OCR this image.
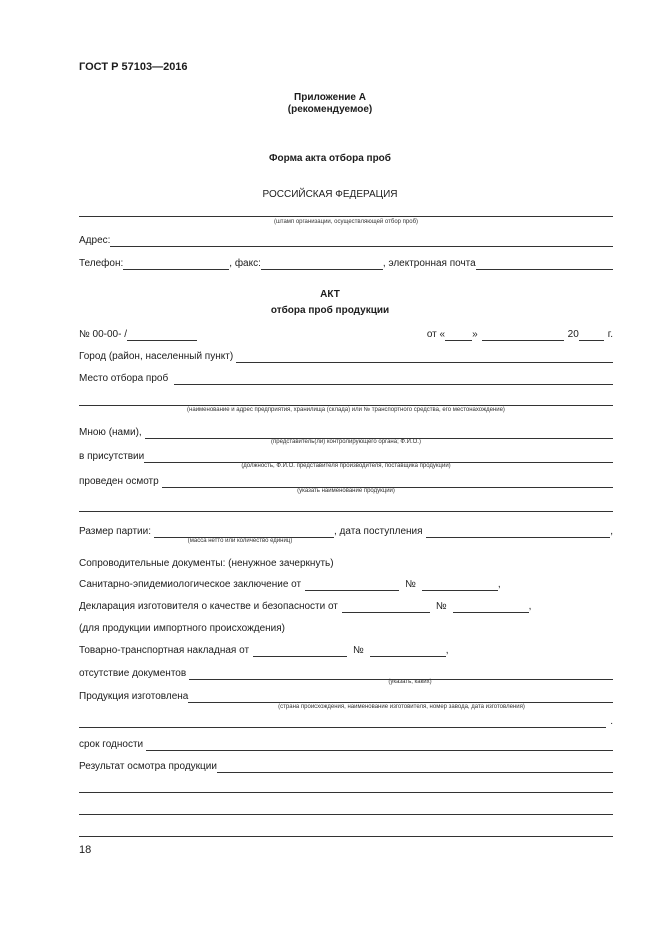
ГОСТ Р 57103—2016
Приложение А
(рекомендуемое)
Форма акта отбора проб
РОССИЙСКАЯ ФЕДЕРАЦИЯ
(штамп организации, осуществляющей отбор проб)
Адрес:
Телефон:	, факс:	, электронная почта
АКТ
отбора проб продукции
№ 00-00- /	от «	»	20	г.
Город (район, населенный пункт)
Место отбора проб
(наименование и адрес предприятия, хранилища (склада) или № транспортного средства, его местонахождение)
Мною (нами),
(представитель(ли) контролирующего органа; Ф.И.О.)
в присутствии
(должность, Ф.И.О. представителя производителя, поставщика продукции)
проведен осмотр
(указать наименование продукции)
Размер партии:	, дата поступления	,
(масса нетто или количество единиц)
Сопроводительные документы: (ненужное зачеркнуть)
Санитарно-эпидемиологическое заключение от	№	,
Декларация изготовителя о качестве и безопасности от	№	,
(для продукции импортного происхождения)
Товарно-транспортная накладная от	№	,
отсутствие документов
(указать, каких)
Продукция изготовлена
(страна происхождения, наименование изготовителя, номер завода, дата изготовления)
.
срок годности
Результат осмотра продукции
18
